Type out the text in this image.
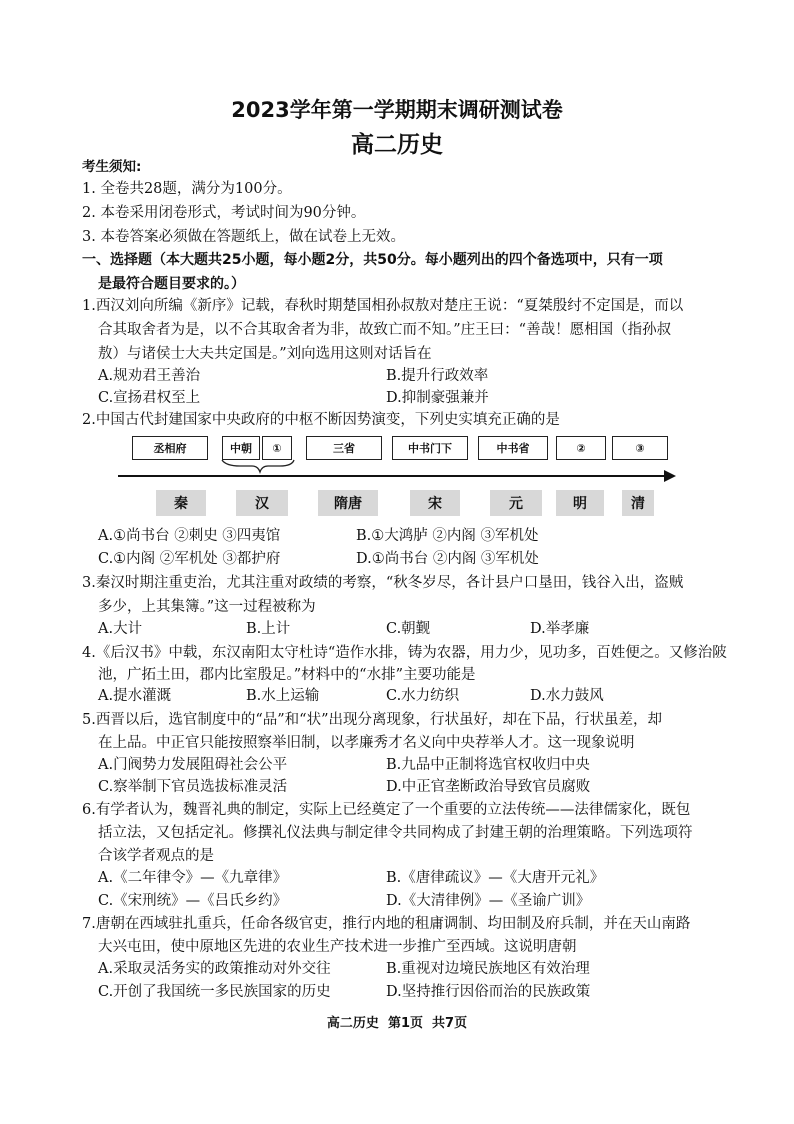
2023学年第一学期期末调研测试卷
高二历史
考生须知:
1. 全卷共28题，满分为100分。
2. 本卷采用闭卷形式，考试时间为90分钟。
3. 本卷答案必须做在答题纸上，做在试卷上无效。
一、选择题（本大题共25小题，每小题2分，共50分。每小题列出的四个备选项中，只有一项
是最符合题目要求的。）
1.西汉刘向所编《新序》记载，春秋时期楚国相孙叔敖对楚庄王说：“夏桀殷纣不定国是，而以
合其取舍者为是，以不合其取舍者为非，故致亡而不知。”庄王曰：“善哉！愿相国（指孙叔
敖）与诸侯士大夫共定国是。”刘向选用这则对话旨在
A.规劝君王善治	B.提升行政效率
C.宣扬君权至上	D.抑制豪强兼并
2.中国古代封建国家中央政府的中枢不断因势演变，下列史实填充正确的是
丞相府	中朝	①	三省	中书门下	中书省	②	③
秦	汉	隋唐	宋	元	明	清
A.①尚书台 ②刺史 ③四夷馆	B.①大鸿胪 ②内阁 ③军机处
C.①内阁 ②军机处 ③都护府	D.①尚书台 ②内阁 ③军机处
3.秦汉时期注重吏治，尤其注重对政绩的考察，“秋冬岁尽，各计县户口垦田，钱谷入出，盗贼
多少，上其集簿。”这一过程被称为
A.大计	B.上计	C.朝觐	D.举孝廉
4.《后汉书》中载，东汉南阳太守杜诗“造作水排，铸为农器，用力少，见功多，百姓便之。又修治陂
池，广拓土田，郡内比室殷足。”材料中的“水排”主要功能是
A.提水灌溉	B.水上运输	C.水力纺织	D.水力鼓风
5.西晋以后，选官制度中的“品”和“状”出现分离现象，行状虽好，却在下品，行状虽差，却
在上品。中正官只能按照察举旧制，以孝廉秀才名义向中央荐举人才。这一现象说明
A.门阀势力发展阻碍社会公平	B.九品中正制将选官权收归中央
C.察举制下官员选拔标准灵活	D.中正官垄断政治导致官员腐败
6.有学者认为，魏晋礼典的制定，实际上已经奠定了一个重要的立法传统——法律儒家化，既包
括立法，又包括定礼。修撰礼仪法典与制定律令共同构成了封建王朝的治理策略。下列选项符
合该学者观点的是
A.《二年律令》—《九章律》	B.《唐律疏议》—《大唐开元礼》
C.《宋刑统》—《吕氏乡约》	D.《大清律例》—《圣谕广训》
7.唐朝在西域驻扎重兵，任命各级官吏，推行内地的租庸调制、均田制及府兵制，并在天山南路
大兴屯田，使中原地区先进的农业生产技术进一步推广至西域。这说明唐朝
A.采取灵活务实的政策推动对外交往	B.重视对边境民族地区有效治理
C.开创了我国统一多民族国家的历史	D.坚持推行因俗而治的民族政策
高二历史  第1页  共7页
